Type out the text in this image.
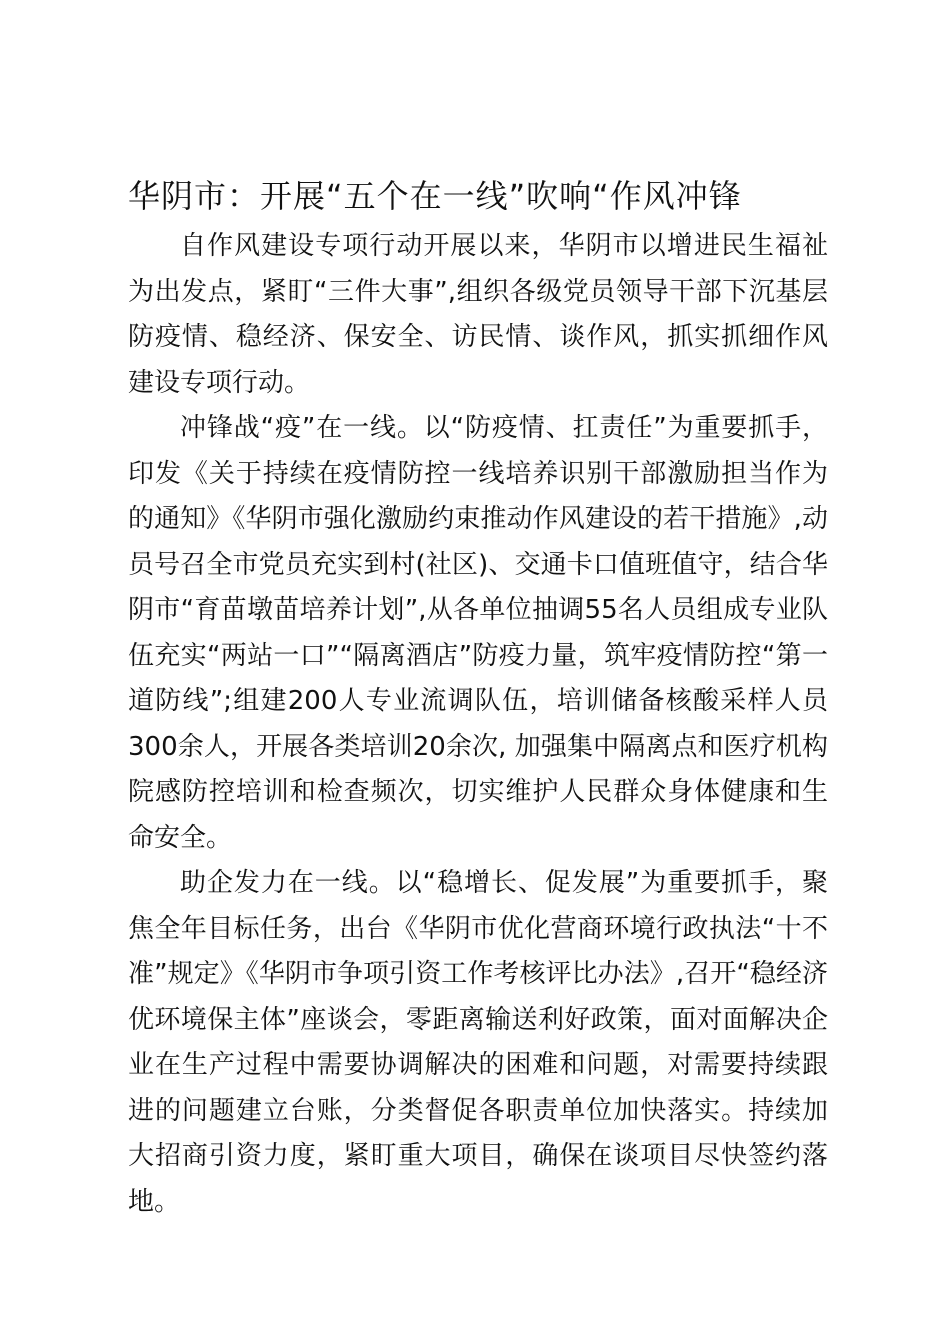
华阴市：开展“五个在一线”吹响“作风冲锋

自作风建设专项行动开展以来，华阴市以增进民生福祉为出发点，紧盯“三件大事”,组织各级党员领导干部下沉基层防疫情、稳经济、保安全、访民情、谈作风，抓实抓细作风建设专项行动。

冲锋战“疫”在一线。以“防疫情、扛责任”为重要抓手，印发《关于持续在疫情防控一线培养识别干部激励担当作为的通知》《华阴市强化激励约束推动作风建设的若干措施》,动员号召全市党员充实到村(社区)、交通卡口值班值守，结合华阴市“育苗墩苗培养计划”,从各单位抽调55名人员组成专业队伍充实“两站一口”“隔离酒店”防疫力量，筑牢疫情防控“第一道防线”;组建200人专业流调队伍，培训储备核酸采样人员300余人，开展各类培训20余次, 加强集中隔离点和医疗机构院感防控培训和检查频次，切实维护人民群众身体健康和生命安全。

助企发力在一线。以“稳增长、促发展”为重要抓手，聚焦全年目标任务，出台《华阴市优化营商环境行政执法“十不准”规定》《华阴市争项引资工作考核评比办法》,召开“稳经济优环境保主体”座谈会，零距离输送利好政策，面对面解决企业在生产过程中需要协调解决的困难和问题，对需要持续跟进的问题建立台账，分类督促各职责单位加快落实。持续加大招商引资力度，紧盯重大项目，确保在谈项目尽快签约落地。
